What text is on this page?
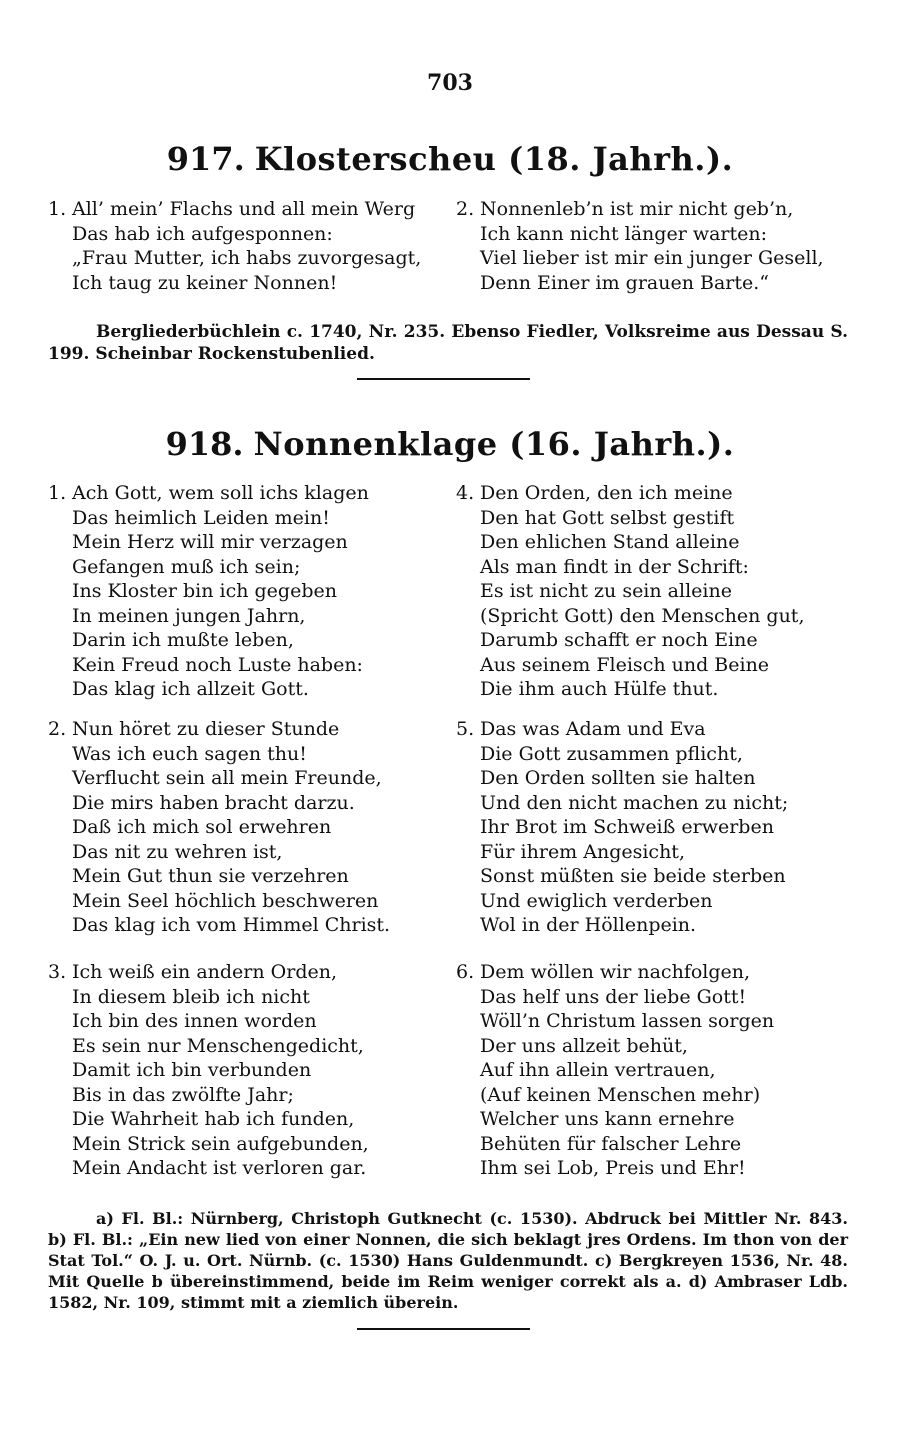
703
917. Klosterscheu (18. Jahrh.).
1. All’ mein’ Flachs und all mein Werg
Das hab ich aufgesponnen:
„Frau Mutter, ich habs zuvorgesagt,
Ich taug zu keiner Nonnen!
2. Nonnenleb’n ist mir nicht geb’n,
Ich kann nicht länger warten:
Viel lieber ist mir ein junger Gesell,
Denn Einer im grauen Barte.“
Bergliederbüchlein c. 1740, Nr. 235. Ebenso Fiedler, Volksreime aus Dessau S. 199. Scheinbar Rockenstubenlied.
918. Nonnenklage (16. Jahrh.).
1. Ach Gott, wem soll ichs klagen
Das heimlich Leiden mein!
Mein Herz will mir verzagen
Gefangen muß ich sein;
Ins Kloster bin ich gegeben
In meinen jungen Jahrn,
Darin ich mußte leben,
Kein Freud noch Luste haben:
Das klag ich allzeit Gott.
4. Den Orden, den ich meine
Den hat Gott selbst gestift
Den ehlichen Stand alleine
Als man findt in der Schrift:
Es ist nicht zu sein alleine
(Spricht Gott) den Menschen gut,
Darumb schafft er noch Eine
Aus seinem Fleisch und Beine
Die ihm auch Hülfe thut.
2. Nun höret zu dieser Stunde
Was ich euch sagen thu!
Verflucht sein all mein Freunde,
Die mirs haben bracht darzu.
Daß ich mich sol erwehren
Das nit zu wehren ist,
Mein Gut thun sie verzehren
Mein Seel höchlich beschweren
Das klag ich vom Himmel Christ.
5. Das was Adam und Eva
Die Gott zusammen pflicht,
Den Orden sollten sie halten
Und den nicht machen zu nicht;
Ihr Brot im Schweiß erwerben
Für ihrem Angesicht,
Sonst müßten sie beide sterben
Und ewiglich verderben
Wol in der Höllenpein.
3. Ich weiß ein andern Orden,
In diesem bleib ich nicht
Ich bin des innen worden
Es sein nur Menschengedicht,
Damit ich bin verbunden
Bis in das zwölfte Jahr;
Die Wahrheit hab ich funden,
Mein Strick sein aufgebunden,
Mein Andacht ist verloren gar.
6. Dem wöllen wir nachfolgen,
Das helf uns der liebe Gott!
Wöll’n Christum lassen sorgen
Der uns allzeit behüt,
Auf ihn allein vertrauen,
(Auf keinen Menschen mehr)
Welcher uns kann ernehre
Behüten für falscher Lehre
Ihm sei Lob, Preis und Ehr!
a) Fl. Bl.: Nürnberg, Christoph Gutknecht (c. 1530). Abdruck bei Mittler Nr. 843. b) Fl. Bl.: „Ein new lied von einer Nonnen, die sich beklagt jres Ordens. Im thon von der Stat Tol.“ O. J. u. Ort. Nürnb. (c. 1530) Hans Guldenmundt. c) Bergkreyen 1536, Nr. 48. Mit Quelle b übereinstimmend, beide im Reim weniger correkt als a. d) Ambraser Ldb. 1582, Nr. 109, stimmt mit a ziemlich überein.
